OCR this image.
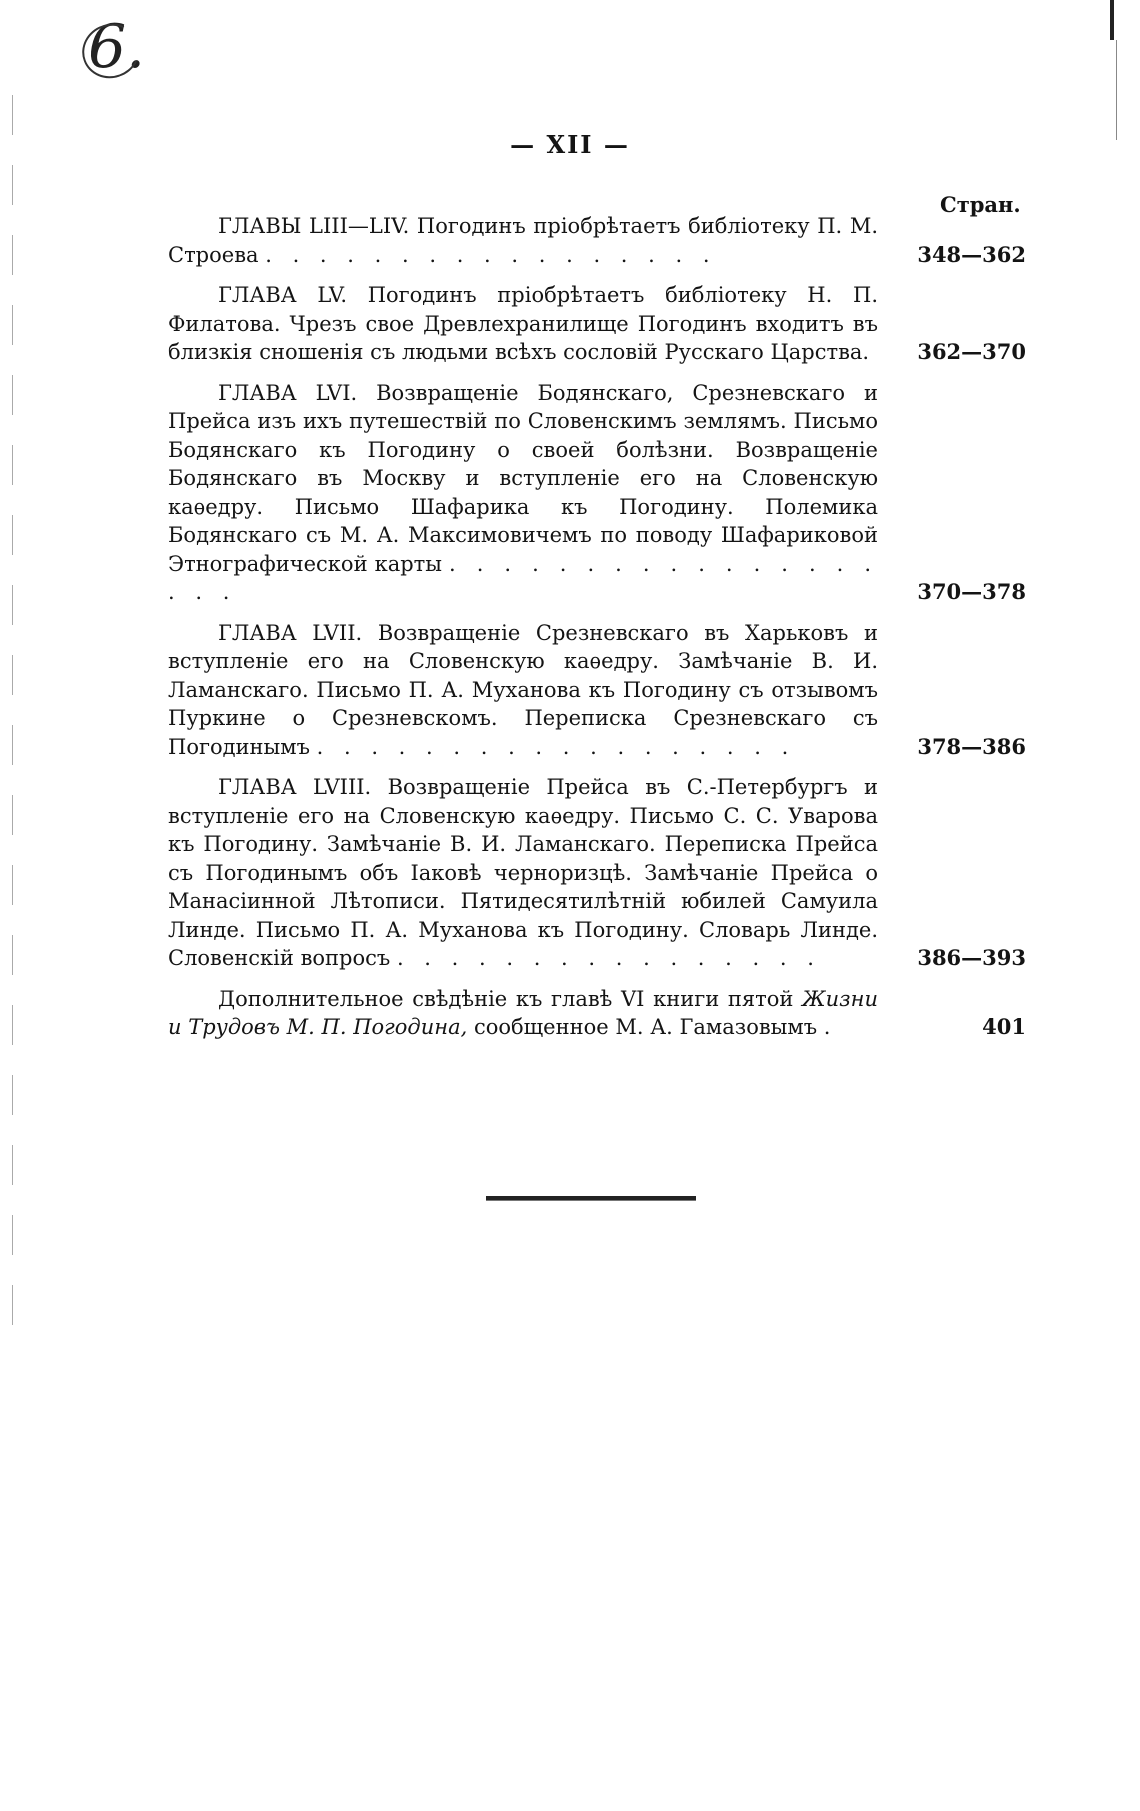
6.
— XII —
Стран.
ГЛАВЫ LIII—LIV. Погодинъ пріобрѣтаетъ библіотеку П. М. Строева . . . . . . . . . . . . . . . . .	348—362
ГЛАВА LV. Погодинъ пріобрѣтаетъ библіотеку Н. П. Филатова. Чрезъ свое Древлехранилище Погодинъ входитъ въ близкія сношенія съ людьми всѣхъ сословій Русскаго Царства.	362—370
ГЛАВА LVI. Возвращеніе Бодянскаго, Срезневскаго и Прейса изъ ихъ путешествій по Словенскимъ землямъ. Письмо Бодянскаго къ Погодину о своей болѣзни. Возвращеніе Бодянскаго въ Москву и вступленіе его на Словенскую каѳедру. Письмо Шафарика къ Погодину. Полемика Бодянскаго съ М. А. Максимовичемъ по поводу Шафариковой Этнографической карты . . . . . . . . . . . . . . . . . . .	370—378
ГЛАВА LVII. Возвращеніе Срезневскаго въ Харьковъ и вступленіе его на Словенскую каѳедру. Замѣчаніе В. И. Ламанскаго. Письмо П. А. Муханова къ Погодину съ отзывомъ Пуркине о Срезневскомъ. Переписка Срезневскаго съ Погодинымъ . . . . . . . . . . . . . . . . . .	378—386
ГЛАВА LVIII. Возвращеніе Прейса въ С.-Петербургъ и вступленіе его на Словенскую каѳедру. Письмо С. С. Уварова къ Погодину. Замѣчаніе В. И. Ламанскаго. Переписка Прейса съ Погодинымъ объ Іаковѣ черноризцѣ. Замѣчаніе Прейса о Манасіинной Лѣтописи. Пятидесятилѣтній юбилей Самуила Линде. Письмо П. А. Муханова къ Погодину. Словарь Линде. Словенскій вопросъ . . . . . . . . . . . . . . . .	386—393
Дополнительное свѣдѣніе къ главѣ VI книги пятой Жизни и Трудовъ М. П. Погодина, сообщенное М. А. Гамазовымъ .	401
